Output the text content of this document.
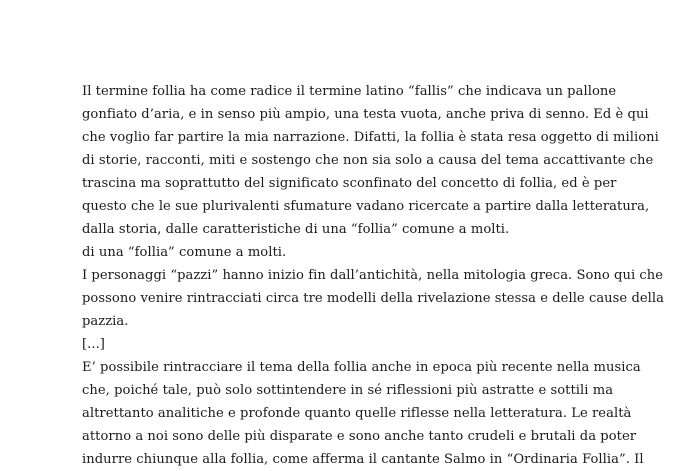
Il termine follia ha come radice il termine latino “fallis” che indicava un pallone
gonfiato d’aria, e in senso più ampio, una testa vuota, anche priva di senno. Ed è qui
che voglio far partire la mia narrazione. Difatti, la follia è stata resa oggetto di milioni
di storie, racconti, miti e sostengo che non sia solo a causa del tema accattivante che
trascina ma soprattutto del significato sconfinato del concetto di follia, ed è per
questo che le sue plurivalenti sfumature vadano ricercate a partire dalla letteratura,
dalla storia, dalle caratteristiche di una “follia” comune a molti.
di una “follia” comune a molti.
I personaggi “pazzi” hanno inizio fin dall’antichità, nella mitologia greca. Sono qui che
possono venire rintracciati circa tre modelli della rivelazione stessa e delle cause della
pazzia.
[...]
E’ possibile rintracciare il tema della follia anche in epoca più recente nella musica
che, poiché tale, può solo sottintendere in sé riflessioni più astratte e sottili ma
altrettanto analitiche e profonde quanto quelle riflesse nella letteratura. Le realtà
attorno a noi sono delle più disparate e sono anche tanto crudeli e brutali da poter
indurre chiunque alla follia, come afferma il cantante Salmo in “Ordinaria Follia”. Il
